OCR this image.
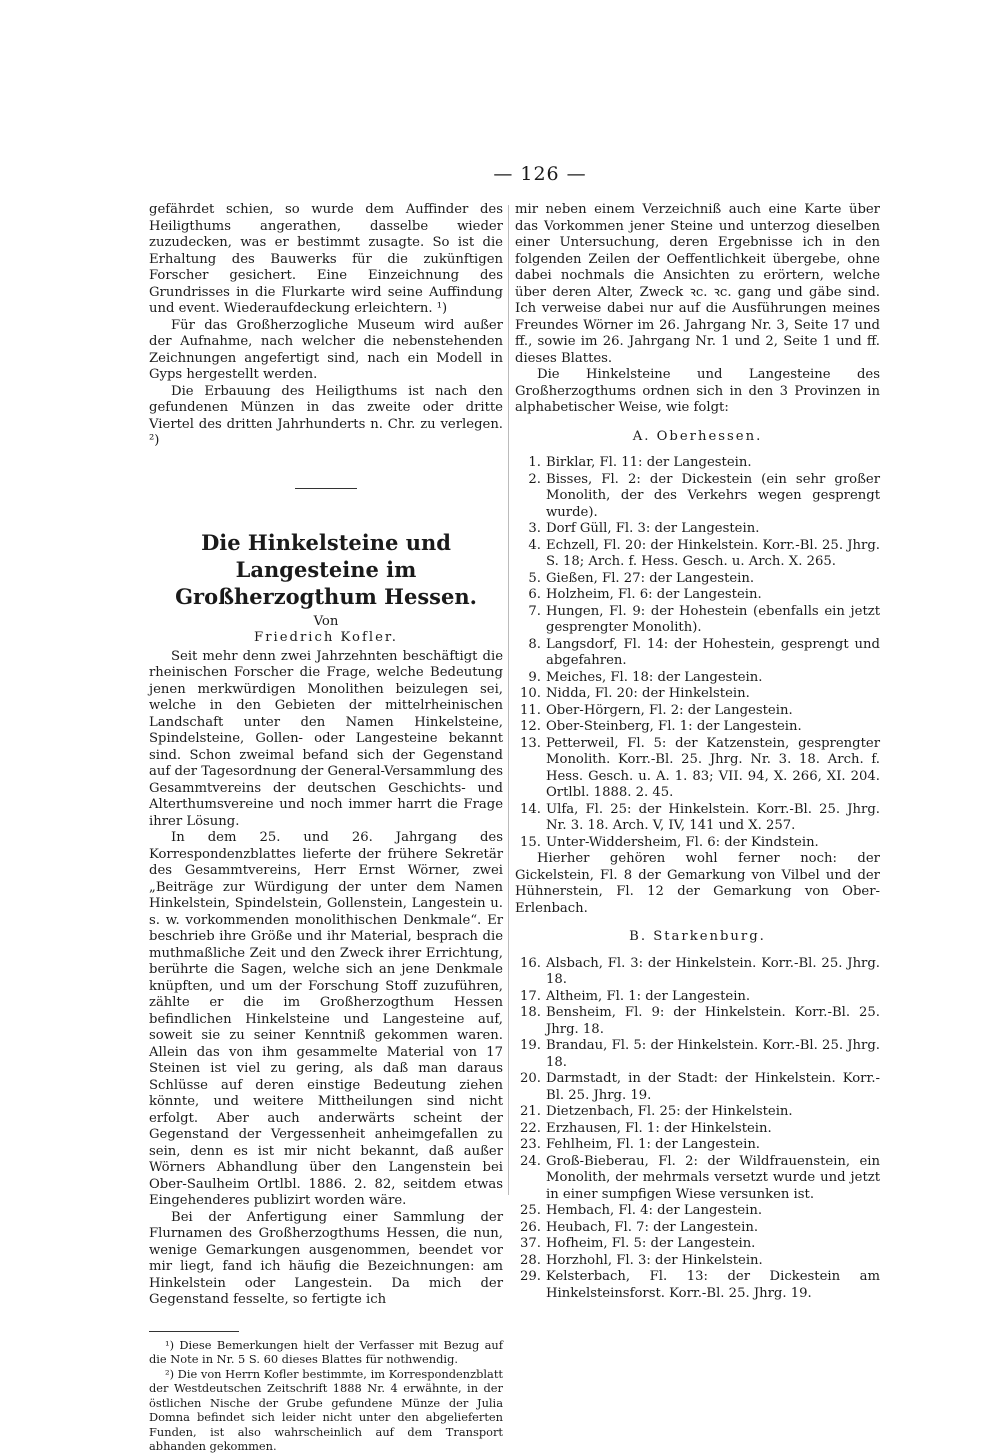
— 126 —

gefährdet schien, so wurde dem Auffinder des Heiligthums angerathen, dasselbe wieder zuzudecken, was er bestimmt zusagte. So ist die Erhaltung des Bauwerks für die zukünftigen Forscher gesichert. Eine Einzeichnung des Grundrisses in die Flurkarte wird seine Auffindung und event. Wiederaufdeckung erleichtern. ¹)

Für das Großherzogliche Museum wird außer der Aufnahme, nach welcher die nebenstehenden Zeichnungen angefertigt sind, nach ein Modell in Gyps hergestellt werden.

Die Erbauung des Heiligthums ist nach den gefundenen Münzen in das zweite oder dritte Viertel des dritten Jahrhunderts n. Chr. zu verlegen. ²)

Die Hinkelsteine und Langesteine im
Großherzogthum Hessen.
Von
Friedrich Kofler.

Seit mehr denn zwei Jahrzehnten beschäftigt die rheinischen Forscher die Frage, welche Bedeutung jenen merkwürdigen Monolithen beizulegen sei, welche in den Gebieten der mittelrheinischen Landschaft unter den Namen Hinkelsteine, Spindelsteine, Gollen- oder Langesteine bekannt sind. Schon zweimal befand sich der Gegenstand auf der Tagesordnung der General-Versammlung des Gesammtvereins der deutschen Geschichts- und Alterthumsvereine und noch immer harrt die Frage ihrer Lösung.

In dem 25. und 26. Jahrgang des Korrespondenzblattes lieferte der frühere Sekretär des Gesammtvereins, Herr Ernst Wörner, zwei „Beiträge zur Würdigung der unter dem Namen Hinkelstein, Spindelstein, Gollenstein, Langestein u. s. w. vorkommenden monolithischen Denkmale“. Er beschrieb ihre Größe und ihr Material, besprach die muthmaßliche Zeit und den Zweck ihrer Errichtung, berührte die Sagen, welche sich an jene Denkmale knüpften, und um der Forschung Stoff zuzuführen, zählte er die im Großherzogthum Hessen befindlichen Hinkelsteine und Langesteine auf, soweit sie zu seiner Kenntniß gekommen waren. Allein das von ihm gesammelte Material von 17 Steinen ist viel zu gering, als daß man daraus Schlüsse auf deren einstige Bedeutung ziehen könnte, und weitere Mittheilungen sind nicht erfolgt. Aber auch anderwärts scheint der Gegenstand der Vergessenheit anheimgefallen zu sein, denn es ist mir nicht bekannt, daß außer Wörners Abhandlung über den Langenstein bei Ober-Saulheim Ortlbl. 1886. 2. 82, seitdem etwas Eingehenderes publizirt worden wäre.

Bei der Anfertigung einer Sammlung der Flurnamen des Großherzogthums Hessen, die nun, wenige Gemarkungen ausgenommen, beendet vor mir liegt, fand ich häufig die Bezeichnungen: am Hinkelstein oder Langestein. Da mich der Gegenstand fesselte, so fertigte ich

¹) Diese Bemerkungen hielt der Verfasser mit Bezug auf die Note in Nr. 5 S. 60 dieses Blattes für nothwendig.

²) Die von Herrn Kofler bestimmte, im Korrespondenzblatt der Westdeutschen Zeitschrift 1888 Nr. 4 erwähnte, in der östlichen Nische der Grube gefundene Münze der Julia Domna befindet sich leider nicht unter den abgelieferten Funden, ist also wahrscheinlich auf dem Transport abhanden gekommen.

mir neben einem Verzeichniß auch eine Karte über das Vorkommen jener Steine und unterzog dieselben einer Untersuchung, deren Ergebnisse ich in den folgenden Zeilen der Oeffentlichkeit übergebe, ohne dabei nochmals die Ansichten zu erörtern, welche über deren Alter, Zweck ꝛc. ꝛc. gang und gäbe sind. Ich verweise dabei nur auf die Ausführungen meines Freundes Wörner im 26. Jahrgang Nr. 3, Seite 17 und ff., sowie im 26. Jahrgang Nr. 1 und 2, Seite 1 und ff. dieses Blattes.

Die Hinkelsteine und Langesteine des Großherzogthums ordnen sich in den 3 Provinzen in alphabetischer Weise, wie folgt:

A. Oberhessen.
1. Birklar, Fl. 11: der Langestein.
2. Bisses, Fl. 2: der Dickestein (ein sehr großer Monolith, der des Verkehrs wegen gesprengt wurde).
3. Dorf Güll, Fl. 3: der Langestein.
4. Echzell, Fl. 20: der Hinkelstein. Korr.-Bl. 25. Jhrg. S. 18; Arch. f. Hess. Gesch. u. Arch. X. 265.
5. Gießen, Fl. 27: der Langestein.
6. Holzheim, Fl. 6: der Langestein.
7. Hungen, Fl. 9: der Hohestein (ebenfalls ein jetzt gesprengter Monolith).
8. Langsdorf, Fl. 14: der Hohestein, gesprengt und abgefahren.
9. Meiches, Fl. 18: der Langestein.
10. Nidda, Fl. 20: der Hinkelstein.
11. Ober-Hörgern, Fl. 2: der Langestein.
12. Ober-Steinberg, Fl. 1: der Langestein.
13. Petterweil, Fl. 5: der Katzenstein, gesprengter Monolith. Korr.-Bl. 25. Jhrg. Nr. 3. 18. Arch. f. Hess. Gesch. u. A. 1. 83; VII. 94, X. 266, XI. 204. Ortlbl. 1888. 2. 45.
14. Ulfa, Fl. 25: der Hinkelstein. Korr.-Bl. 25. Jhrg. Nr. 3. 18. Arch. V, IV, 141 und X. 257.
15. Unter-Widdersheim, Fl. 6: der Kindstein.

Hierher gehören wohl ferner noch: der Gickelstein, Fl. 8 der Gemarkung von Vilbel und der Hühnerstein, Fl. 12 der Gemarkung von Ober-Erlenbach.

B. Starkenburg.
16. Alsbach, Fl. 3: der Hinkelstein. Korr.-Bl. 25. Jhrg. 18.
17. Altheim, Fl. 1: der Langestein.
18. Bensheim, Fl. 9: der Hinkelstein. Korr.-Bl. 25. Jhrg. 18.
19. Brandau, Fl. 5: der Hinkelstein. Korr.-Bl. 25. Jhrg. 18.
20. Darmstadt, in der Stadt: der Hinkelstein. Korr.-Bl. 25. Jhrg. 19.
21. Dietzenbach, Fl. 25: der Hinkelstein.
22. Erzhausen, Fl. 1: der Hinkelstein.
23. Fehlheim, Fl. 1: der Langestein.
24. Groß-Bieberau, Fl. 2: der Wildfrauenstein, ein Monolith, der mehrmals versetzt wurde und jetzt in einer sumpfigen Wiese versunken ist.
25. Hembach, Fl. 4: der Langestein.
26. Heubach, Fl. 7: der Langestein.
37. Hofheim, Fl. 5: der Langestein.
28. Horzhohl, Fl. 3: der Hinkelstein.
29. Kelsterbach, Fl. 13: der Dickestein am Hinkelsteinsforst. Korr.-Bl. 25. Jhrg. 19.
